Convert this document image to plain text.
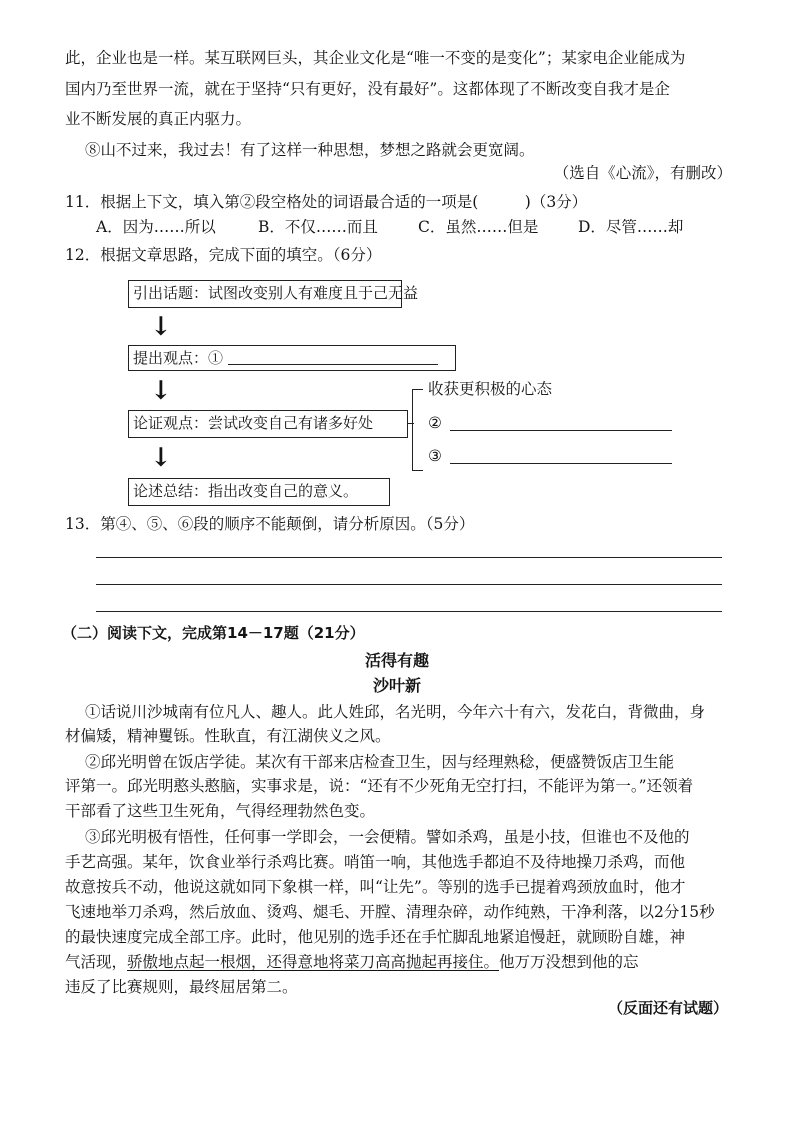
此，企业也是一样。某互联网巨头，其企业文化是“唯一不变的是变化”；某家电企业能成为
国内乃至世界一流，就在于坚持“只有更好，没有最好”。这都体现了不断改变自我才是企
业不断发展的真正内驱力。
⑧山不过来，我过去！有了这样一种思想，梦想之路就会更宽阔。
（选自《心流》，有删改）
11．根据上下文，填入第②段空格处的词语最合适的一项是(　　　)（3分）
A．因为……所以	B．不仅……而且	C．虽然……但是	D．尽管……却
12．根据文章思路，完成下面的填空。（6分）
引出话题：试图改变别人有难度且于己无益
↓
提出观点：①
↓
论证观点：尝试改变自己有诸多好处
↓
论述总结：指出改变自己的意义。
收获更积极的心态
②
③
13．第④、⑤、⑥段的顺序不能颠倒，请分析原因。（5分）
（二）阅读下文，完成第14－17题（21分）
活得有趣
沙叶新
①话说川沙城南有位凡人、趣人。此人姓邱，名光明，今年六十有六，发花白，背微曲，身
材偏矮，精神矍铄。性耿直，有江湖侠义之风。
②邱光明曾在饭店学徒。某次有干部来店检查卫生，因与经理熟稔，便盛赞饭店卫生能
评第一。邱光明憨头憨脑，实事求是，说：“还有不少死角无空打扫，不能评为第一。”还领着
干部看了这些卫生死角，气得经理勃然色变。
③邱光明极有悟性，任何事一学即会，一会便精。譬如杀鸡，虽是小技，但谁也不及他的
手艺高强。某年，饮食业举行杀鸡比赛。哨笛一响，其他选手都迫不及待地操刀杀鸡，而他
故意按兵不动，他说这就如同下象棋一样，叫“让先”。等别的选手已提着鸡颈放血时，他才
飞速地举刀杀鸡，然后放血、烫鸡、煺毛、开膛、清理杂碎，动作纯熟，干净利落，以2分15秒
的最快速度完成全部工序。此时，他见别的选手还在手忙脚乱地紧追慢赶，就顾盼自雄，神
气活现，骄傲地点起一根烟，还得意地将菜刀高高抛起再接住。他万万没想到他的忘
违反了比赛规则，最终屈居第二。
（反面还有试题）
